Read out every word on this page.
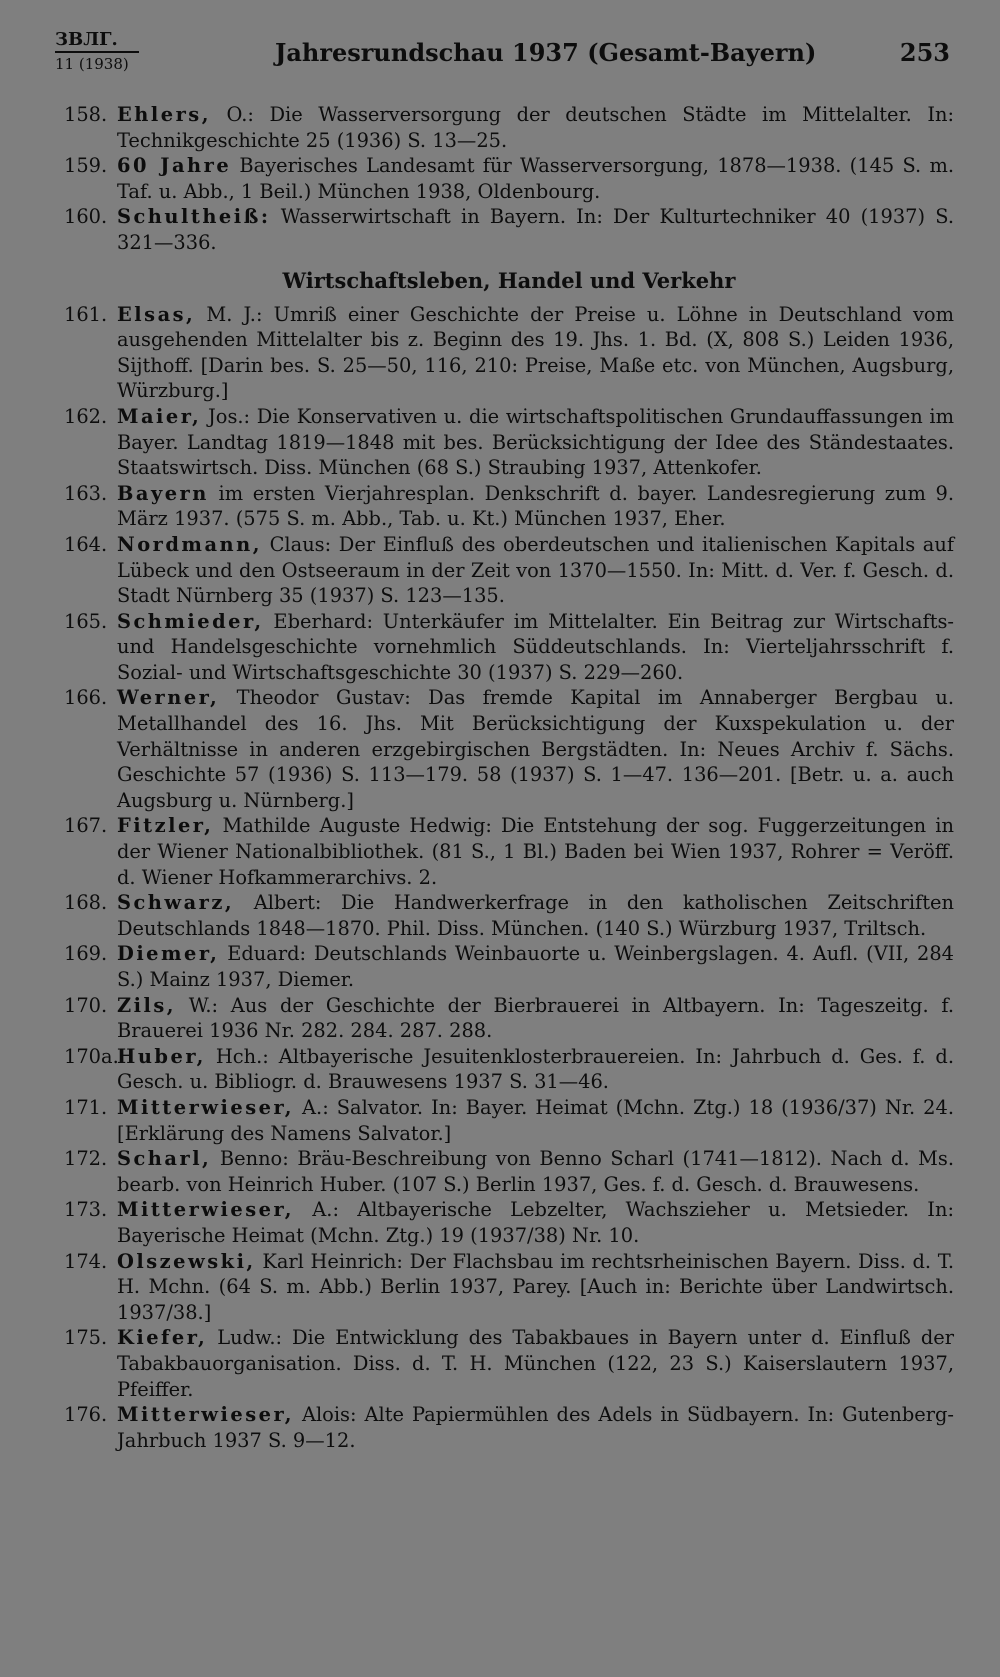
ЗВЛГ.
11 (1938)	Jahresrundschau 1937 (Gesamt-Bayern)	253
158. Ehlers, O.: Die Wasserversorgung der deutschen Städte im Mittelalter. In: Technikgeschichte 25 (1936) S. 13—25.
159. 60 Jahre Bayerisches Landesamt für Wasserversorgung, 1878—1938. (145 S. m. Taf. u. Abb., 1 Beil.) München 1938, Oldenbourg.
160. Schultheiß: Wasserwirtschaft in Bayern. In: Der Kulturtechniker 40 (1937) S. 321—336.
Wirtschaftsleben, Handel und Verkehr
161. Elsas, M. J.: Umriß einer Geschichte der Preise u. Löhne in Deutschland vom ausgehenden Mittelalter bis z. Beginn des 19. Jhs. 1. Bd. (X, 808 S.) Leiden 1936, Sijthoff. [Darin bes. S. 25—50, 116, 210: Preise, Maße etc. von München, Augsburg, Würzburg.]
162. Maier, Jos.: Die Konservativen u. die wirtschaftspolitischen Grundauffassungen im Bayer. Landtag 1819—1848 mit bes. Berücksichtigung der Idee des Ständestaates. Staatswirtsch. Diss. München (68 S.) Straubing 1937, Attenkofer.
163. Bayern im ersten Vierjahresplan. Denkschrift d. bayer. Landesregierung zum 9. März 1937. (575 S. m. Abb., Tab. u. Kt.) München 1937, Eher.
164. Nordmann, Claus: Der Einfluß des oberdeutschen und italienischen Kapitals auf Lübeck und den Ostseeraum in der Zeit von 1370—1550. In: Mitt. d. Ver. f. Gesch. d. Stadt Nürnberg 35 (1937) S. 123—135.
165. Schmieder, Eberhard: Unterkäufer im Mittelalter. Ein Beitrag zur Wirtschafts- und Handelsgeschichte vornehmlich Süddeutschlands. In: Vierteljahrsschrift f. Sozial- und Wirtschaftsgeschichte 30 (1937) S. 229—260.
166. Werner, Theodor Gustav: Das fremde Kapital im Annaberger Bergbau u. Metallhandel des 16. Jhs. Mit Berücksichtigung der Kuxspekulation u. der Verhältnisse in anderen erzgebirgischen Bergstädten. In: Neues Archiv f. Sächs. Geschichte 57 (1936) S. 113—179. 58 (1937) S. 1—47. 136—201. [Betr. u. a. auch Augsburg u. Nürnberg.]
167. Fitzler, Mathilde Auguste Hedwig: Die Entstehung der sog. Fuggerzeitungen in der Wiener Nationalbibliothek. (81 S., 1 Bl.) Baden bei Wien 1937, Rohrer = Veröff. d. Wiener Hofkammerarchivs. 2.
168. Schwarz, Albert: Die Handwerkerfrage in den katholischen Zeitschriften Deutschlands 1848—1870. Phil. Diss. München. (140 S.) Würzburg 1937, Triltsch.
169. Diemer, Eduard: Deutschlands Weinbauorte u. Weinbergslagen. 4. Aufl. (VII, 284 S.) Mainz 1937, Diemer.
170. Zils, W.: Aus der Geschichte der Bierbrauerei in Altbayern. In: Tageszeitg. f. Brauerei 1936 Nr. 282. 284. 287. 288.
170a.
Huber, Hch.: Altbayerische Jesuitenklosterbrauereien. In: Jahrbuch d. Ges. f. d. Gesch. u. Bibliogr. d. Brauwesens 1937 S. 31—46.
171. Mitterwieser, A.: Salvator. In: Bayer. Heimat (Mchn. Ztg.) 18 (1936/37) Nr. 24. [Erklärung des Namens Salvator.]
172. Scharl, Benno: Bräu-Beschreibung von Benno Scharl (1741—1812). Nach d. Ms. bearb. von Heinrich Huber. (107 S.) Berlin 1937, Ges. f. d. Gesch. d. Brauwesens.
173. Mitterwieser, A.: Altbayerische Lebzelter, Wachszieher u. Metsieder. In: Bayerische Heimat (Mchn. Ztg.) 19 (1937/38) Nr. 10.
174. Olszewski, Karl Heinrich: Der Flachsbau im rechtsrheinischen Bayern. Diss. d. T. H. Mchn. (64 S. m. Abb.) Berlin 1937, Parey. [Auch in: Berichte über Landwirtsch. 1937/38.]
175. Kiefer, Ludw.: Die Entwicklung des Tabakbaues in Bayern unter d. Einfluß der Tabakbauorganisation. Diss. d. T. H. München (122, 23 S.) Kaiserslautern 1937, Pfeiffer.
176. Mitterwieser, Alois: Alte Papiermühlen des Adels in Südbayern. In: Gutenberg-Jahrbuch 1937 S. 9—12.
